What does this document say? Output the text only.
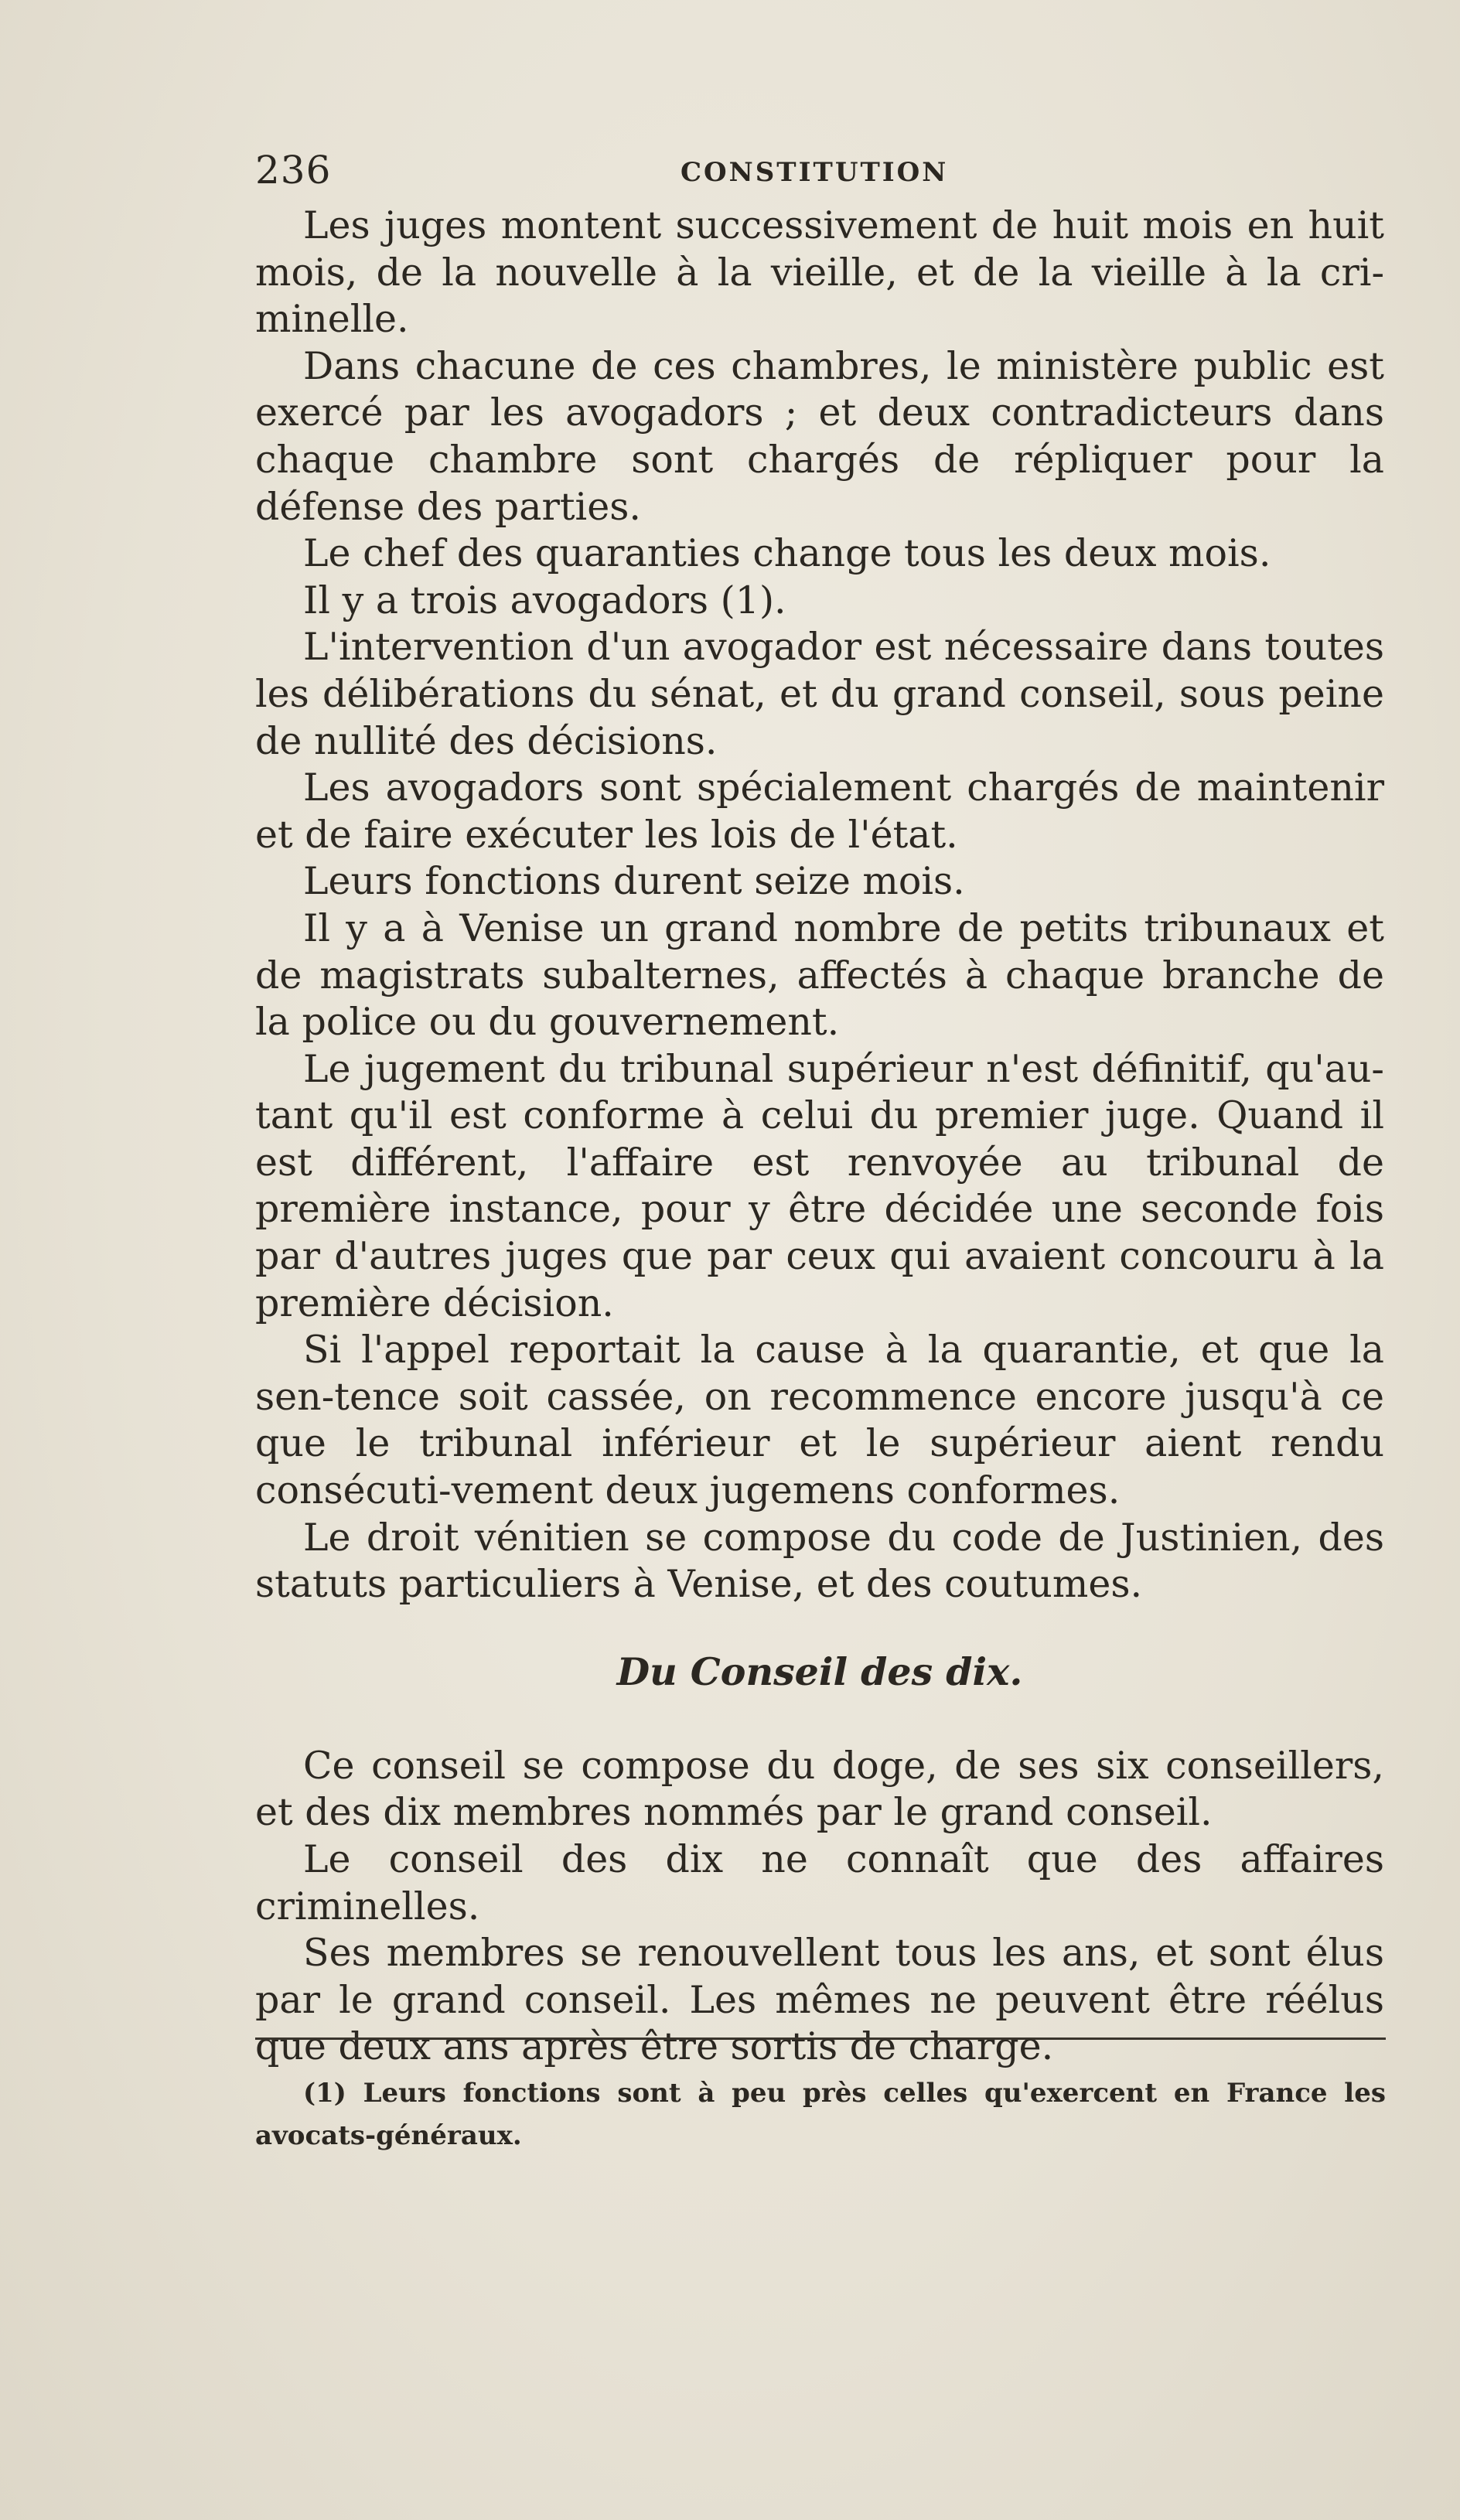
236	CONSTITUTION

Les juges montent successivement de huit mois en huit mois, de la nouvelle à la vieille, et de la vieille à la cri-minelle.

Dans chacune de ces chambres, le ministère public est exercé par les avogadors ; et deux contradicteurs dans chaque chambre sont chargés de répliquer pour la défense des parties.

Le chef des quaranties change tous les deux mois.

Il y a trois avogadors (1).

L'intervention d'un avogador est nécessaire dans toutes les délibérations du sénat, et du grand conseil, sous peine de nullité des décisions.

Les avogadors sont spécialement chargés de maintenir et de faire exécuter les lois de l'état.

Leurs fonctions durent seize mois.

Il y a à Venise un grand nombre de petits tribunaux et de magistrats subalternes, affectés à chaque branche de la police ou du gouvernement.

Le jugement du tribunal supérieur n'est définitif, qu'au-tant qu'il est conforme à celui du premier juge. Quand il est différent, l'affaire est renvoyée au tribunal de première instance, pour y être décidée une seconde fois par d'autres juges que par ceux qui avaient concouru à la première décision.

Si l'appel reportait la cause à la quarantie, et que la sen-tence soit cassée, on recommence encore jusqu'à ce que le tribunal inférieur et le supérieur aient rendu consécuti-vement deux jugemens conformes.

Le droit vénitien se compose du code de Justinien, des statuts particuliers à Venise, et des coutumes.

Du Conseil des dix.

Ce conseil se compose du doge, de ses six conseillers, et des dix membres nommés par le grand conseil.

Le conseil des dix ne connaît que des affaires criminelles.

Ses membres se renouvellent tous les ans, et sont élus par le grand conseil. Les mêmes ne peuvent être réélus que deux ans après être sortis de charge.

(1) Leurs fonctions sont à peu près celles qu'exercent en France les avocats-généraux.
